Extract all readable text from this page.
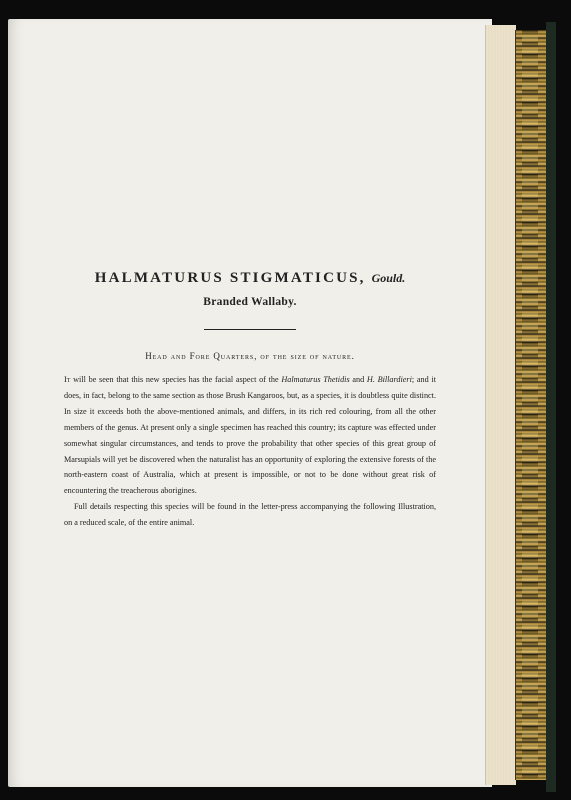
HALMATURUS STIGMATICUS, Gould.
Branded Wallaby.
Head and Fore Quarters, of the size of nature.

It will be seen that this new species has the facial aspect of the Halmaturus Thetidis and H. Billardieri; and it does, in fact, belong to the same section as those Brush Kangaroos, but, as a species, it is doubtless quite distinct. In size it exceeds both the above-mentioned animals, and differs, in its rich red colouring, from all the other members of the genus. At present only a single specimen has reached this country; its capture was effected under somewhat singular circumstances, and tends to prove the probability that other species of this great group of Marsupials will yet be discovered when the naturalist has an opportunity of exploring the extensive forests of the north-eastern coast of Australia, which at present is impossible, or not to be done without great risk of encountering the treacherous aborigines.

Full details respecting this species will be found in the letter-press accompanying the following Illustration, on a reduced scale, of the entire animal.
